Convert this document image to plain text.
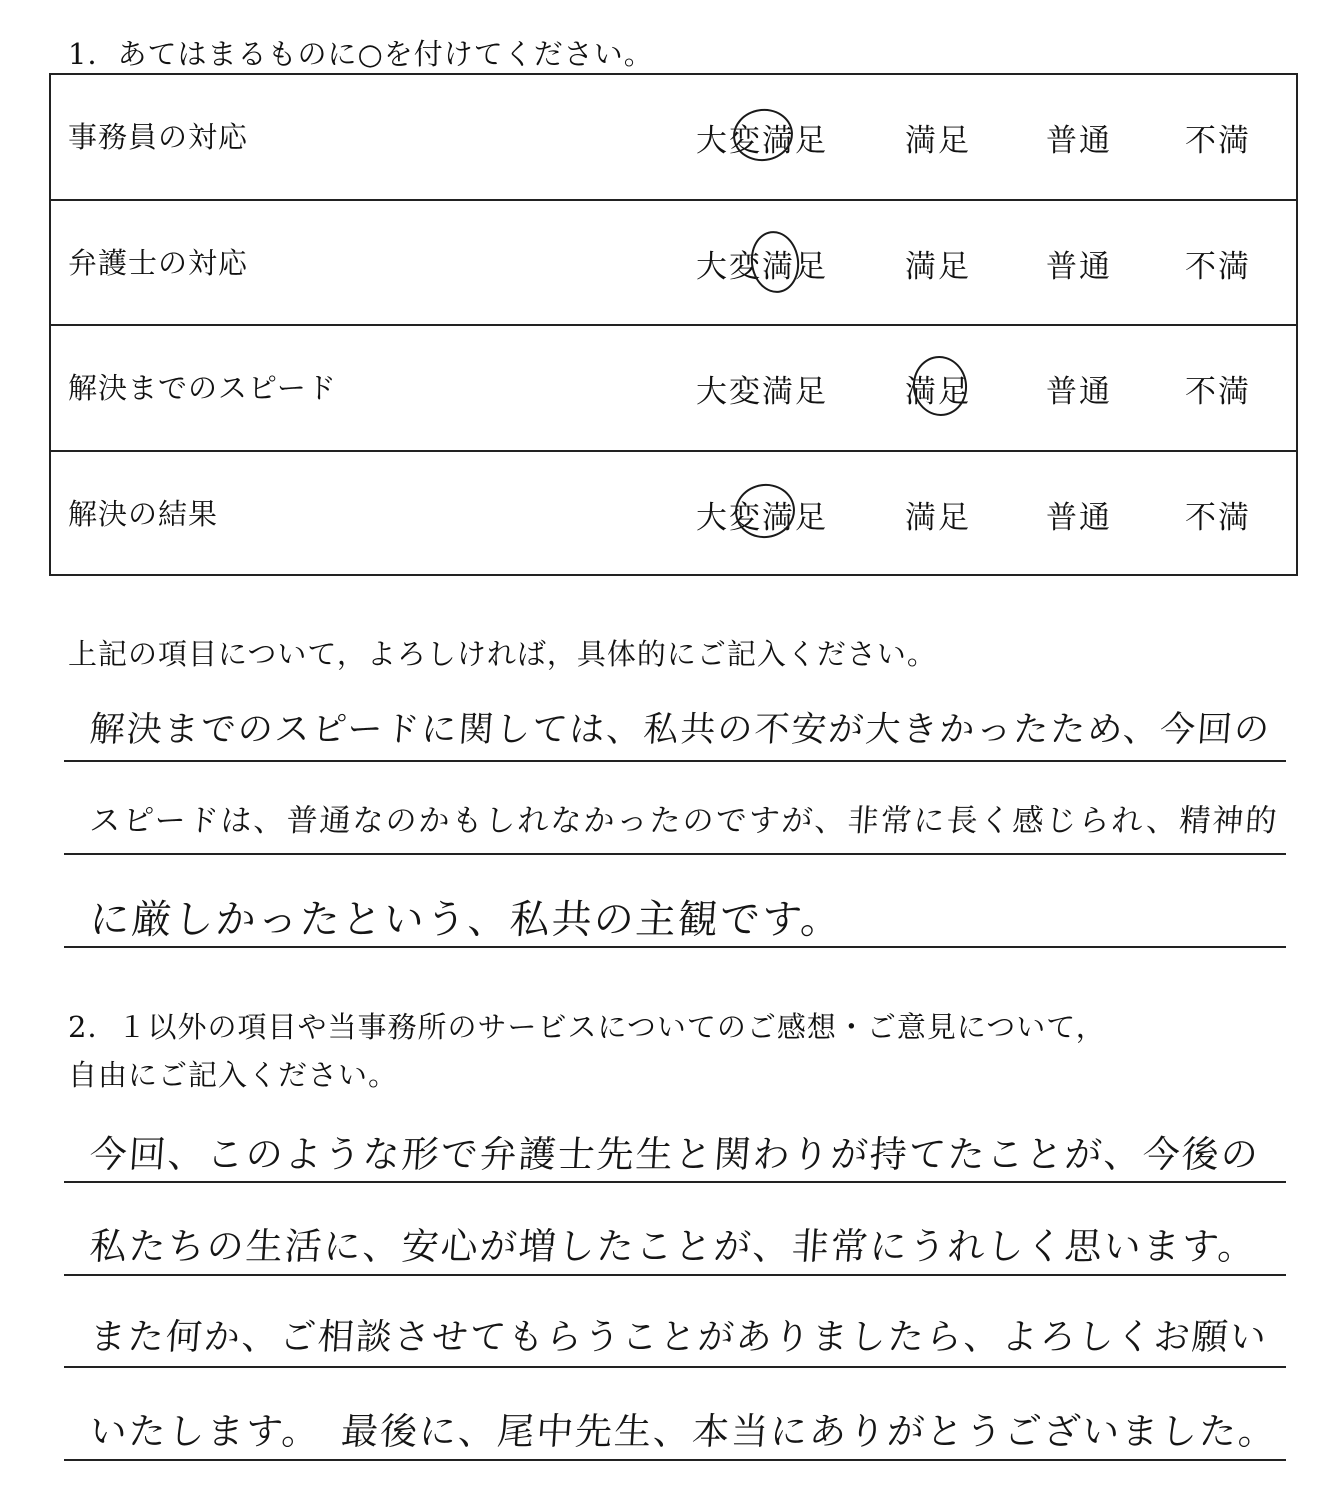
1．あてはまるものに○を付けてください。
事務員の対応	大変満足 満足 普通 不満
弁護士の対応	大変満足 満足 普通 不満
解決までのスピード	大変満足 満足 普通 不満
解決の結果	大変満足 満足 普通 不満
上記の項目について，よろしければ，具体的にご記入ください。
解決までのスピードに関しては、私共の不安が大きかったため、今回の
スピードは、普通なのかもしれなかったのですが、非常に長く感じられ、精神的
に厳しかったという、私共の主観です。
2．１以外の項目や当事務所のサービスについてのご感想・ご意見について，
自由にご記入ください。
今回、このような形で弁護士先生と関わりが持てたことが、今後の
私たちの生活に、安心が増したことが、非常にうれしく思います。
また何か、ご相談させてもらうことがありましたら、よろしくお願い
いたします。　最後に、尾中先生、本当にありがとうございました。
